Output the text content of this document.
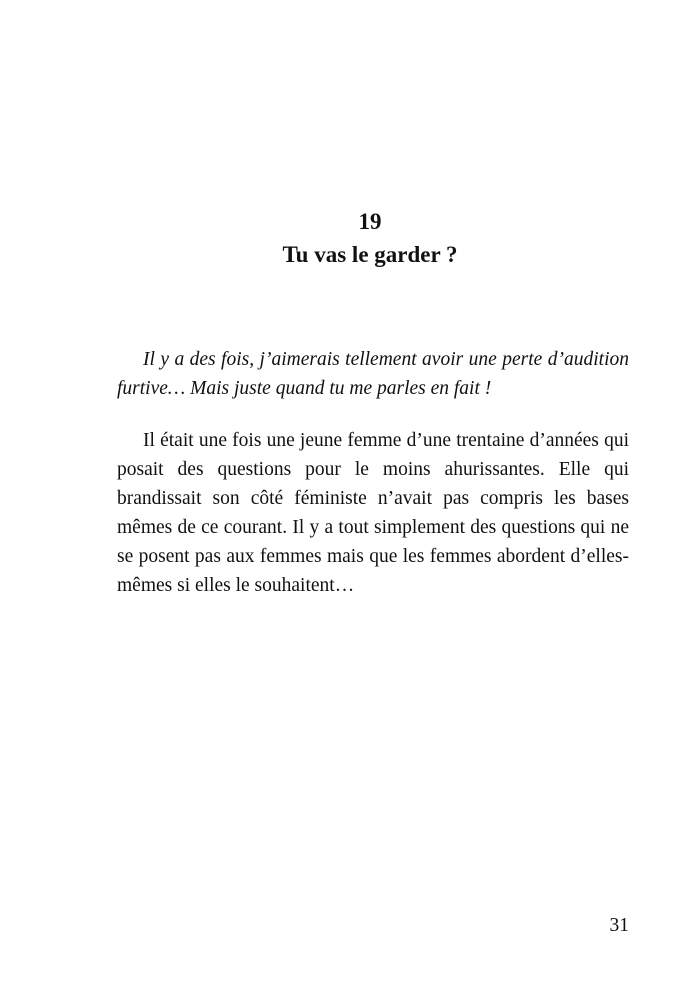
19
Tu vas le garder ?

Il y a des fois, j’aimerais tellement avoir une perte d’audition furtive… Mais juste quand tu me parles en fait !

Il était une fois une jeune femme d’une trentaine d’années qui posait des questions pour le moins ahurissantes. Elle qui brandissait son côté féministe n’avait pas compris les bases mêmes de ce courant. Il y a tout simplement des questions qui ne se posent pas aux femmes mais que les femmes abordent d’elles-mêmes si elles le souhaitent…

31
